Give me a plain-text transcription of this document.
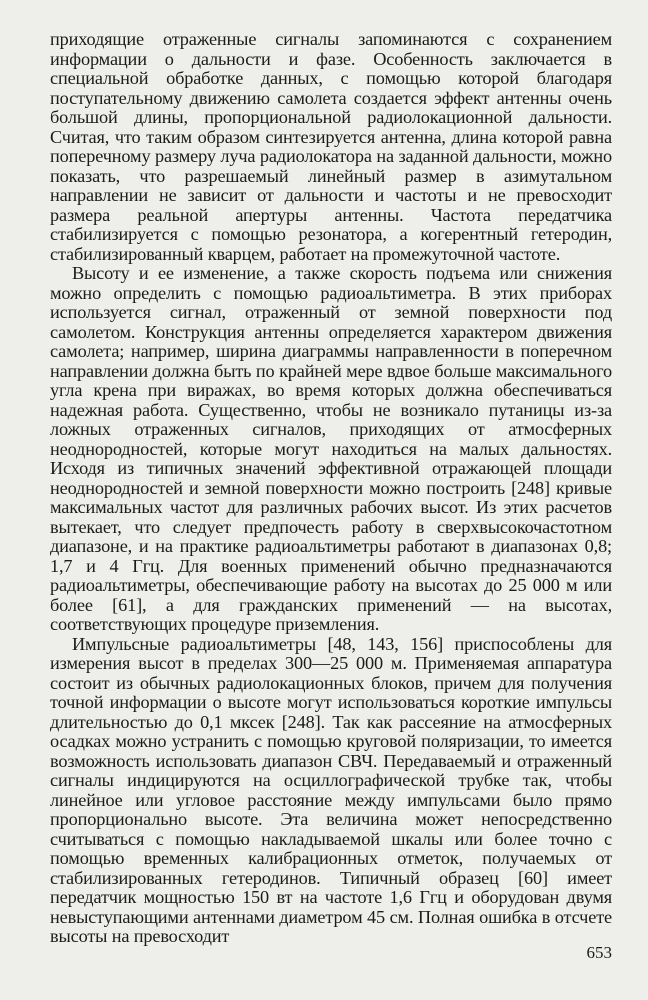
приходящие отраженные сигналы запоминаются с сохранением информации о дальности и фазе. Особенность заключается в специальной обработке данных, с помощью которой благодаря поступательному движению самолета создается эффект антенны очень большой длины, пропорциональной радиолокационной дальности. Считая, что таким образом синтезируется антенна, длина которой равна поперечному размеру луча радиолокатора на заданной дальности, можно показать, что разрешаемый линейный размер в азимутальном направлении не зависит от дальности и частоты и не превосходит размера реальной апертуры антенны. Частота передатчика стабилизируется с помощью резонатора, а когерентный гетеродин, стабилизированный кварцем, работает на промежуточной частоте.

Высоту и ее изменение, а также скорость подъема или снижения можно определить с помощью радиоальтиметра. В этих приборах используется сигнал, отраженный от земной поверхности под самолетом. Конструкция антенны определяется характером движения самолета; например, ширина диаграммы направленности в поперечном направлении должна быть по крайней мере вдвое больше максимального угла крена при виражах, во время которых должна обеспечиваться надежная работа. Существенно, чтобы не возникало путаницы из-за ложных отраженных сигналов, приходящих от атмосферных неоднородностей, которые могут находиться на малых дальностях. Исходя из типичных значений эффективной отражающей площади неоднородностей и земной поверхности можно построить [248] кривые максимальных частот для различных рабочих высот. Из этих расчетов вытекает, что следует предпочесть работу в сверхвысокочастотном диапазоне, и на практике радиоальтиметры работают в диапазонах 0,8; 1,7 и 4 Ггц. Для военных применений обычно предназначаются радиоальтиметры, обеспечивающие работу на высотах до 25 000 м или более [61], а для гражданских применений — на высотах, соответствующих процедуре приземления.

Импульсные радиоальтиметры [48, 143, 156] приспособлены для измерения высот в пределах 300—25 000 м. Применяемая аппаратура состоит из обычных радиолокационных блоков, причем для получения точной информации о высоте могут использоваться короткие импульсы длительностью до 0,1 мксек [248]. Так как рассеяние на атмосферных осадках можно устранить с помощью круговой поляризации, то имеется возможность использовать диапазон СВЧ. Передаваемый и отраженный сигналы индицируются на осциллографической трубке так, чтобы линейное или угловое расстояние между импульсами было прямо пропорционально высоте. Эта величина может непосредственно считываться с помощью накладываемой шкалы или более точно с помощью временных калибрационных отметок, получаемых от стабилизированных гетеродинов. Типичный образец [60] имеет передатчик мощностью 150 вт на частоте 1,6 Ггц и оборудован двумя невыступающими антеннами диаметром 45 см. Полная ошибка в отсчете высоты на превосходит

653
